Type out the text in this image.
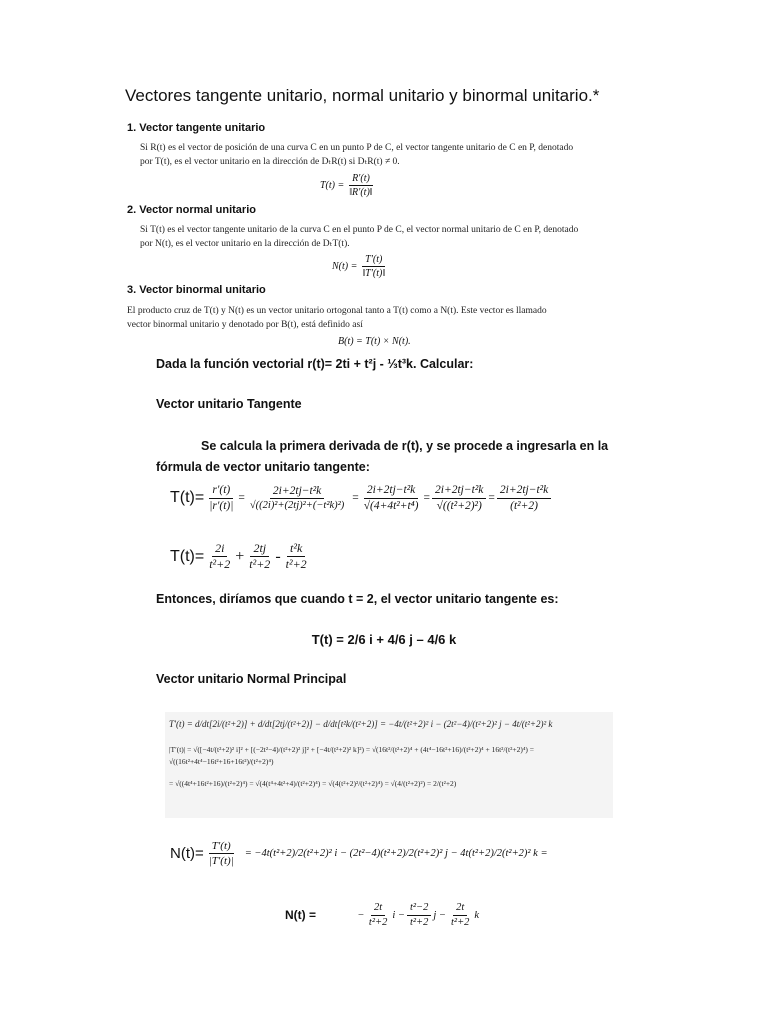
Vectores tangente unitario, normal unitario y binormal unitario.*
1. Vector tangente unitario
Si R(t) es el vector de posición de una curva C en un punto P de C, el vector tangente unitario de C en P, denotado
por T(t), es el vector unitario en la dirección de DₜR(t) si DₜR(t) ≠ 0.
$T(t) = \frac{R'(t)}{‖R'(t)‖}$
2. Vector normal unitario
Si T(t) es el vector tangente unitario de la curva C en el punto P de C, el vector normal unitario de C en P, denotado
por N(t), es el vector unitario en la dirección de DₜT(t).
$N(t) = \frac{T'(t)}{‖T'(t)‖}$
3. Vector binormal unitario
El producto cruz de T(t) y N(t) es un vector unitario ortogonal tanto a T(t) como a N(t). Este vector es llamado
vector binormal unitario y denotado por B(t), está definido así
B(t) = T(t) × N(t).
Dada la función vectorial r(t)= 2ti + t²j - ⅓t³k. Calcular:
Vector unitario Tangente
Se calcula la primera derivada de r(t), y se procede a ingresarla en la
fórmula de vector unitario tangente:
$T(t)= \frac{r'(t)}{|r'(t)|} = \frac{\text{2i+2tj−t²k}}{\text{√((2i)²+(2tj)²+(−t²k)²)}} = \frac{\text{2i+2tj−t²k}}{\text{√(4+4t²+t⁴)}} = \frac{\text{2i+2tj−t²k}}{\text{√((t²+2)²)}} = \frac{\text{2i+2tj−t²k}}{\text{(t²+2)}}$
$T(t)= \frac{2i}{\text{t²+2}} + \frac{2tj}{\text{t²+2}} - \frac{\text{t²k}}{\text{t²+2}}$
Entonces, diríamos que cuando t = 2, el vector unitario tangente es:
T(t) = 2/6 i + 4/6 j – 4/6 k
Vector unitario Normal Principal
T′(t) = d/dt[2i/(t²+2)] + d/dt[2tj/(t²+2)] − d/dt[t²k/(t²+2)] = −4t/(t²+2)² i − (2t²−4)/(t²+2)² j − 4t/(t²+2)² k
|T′(t)| = √([−4t/(t²+2)² i]² + [(−2t²−4)/(t²+2)² j]² + [−4t/(t²+2)² k]²) = √(16t²/(t²+2)⁴ + (4t⁴−16t²+16)/(t²+2)⁴ + 16t²/(t²+2)⁴) = √((16t²+4t⁴−16t²+16+16t²)/(t²+2)⁴)
= √((4t⁴+16t²+16)/(t²+2)⁴) = √(4(t⁴+4t²+4)/(t²+2)⁴) = √(4(t²+2)²/(t²+2)⁴) = √(4/(t²+2)²) = 2/(t²+2)
$N(t)= \frac{T'(t)}{|T'(t)|} = -4t(t^2+2)/2(t^2+2)^2$ i − (2t²−4)(t²+2)/2(t²+2)² j − 4t(t²+2)/2(t²+2)² k =
N(t) =	− $\frac{2t}{\text{t²+2}}$ $i - \frac{\text{t²−2}}{\text{t²+2}}$ $j - \frac{2t}{\text{t²+2}}$ k
